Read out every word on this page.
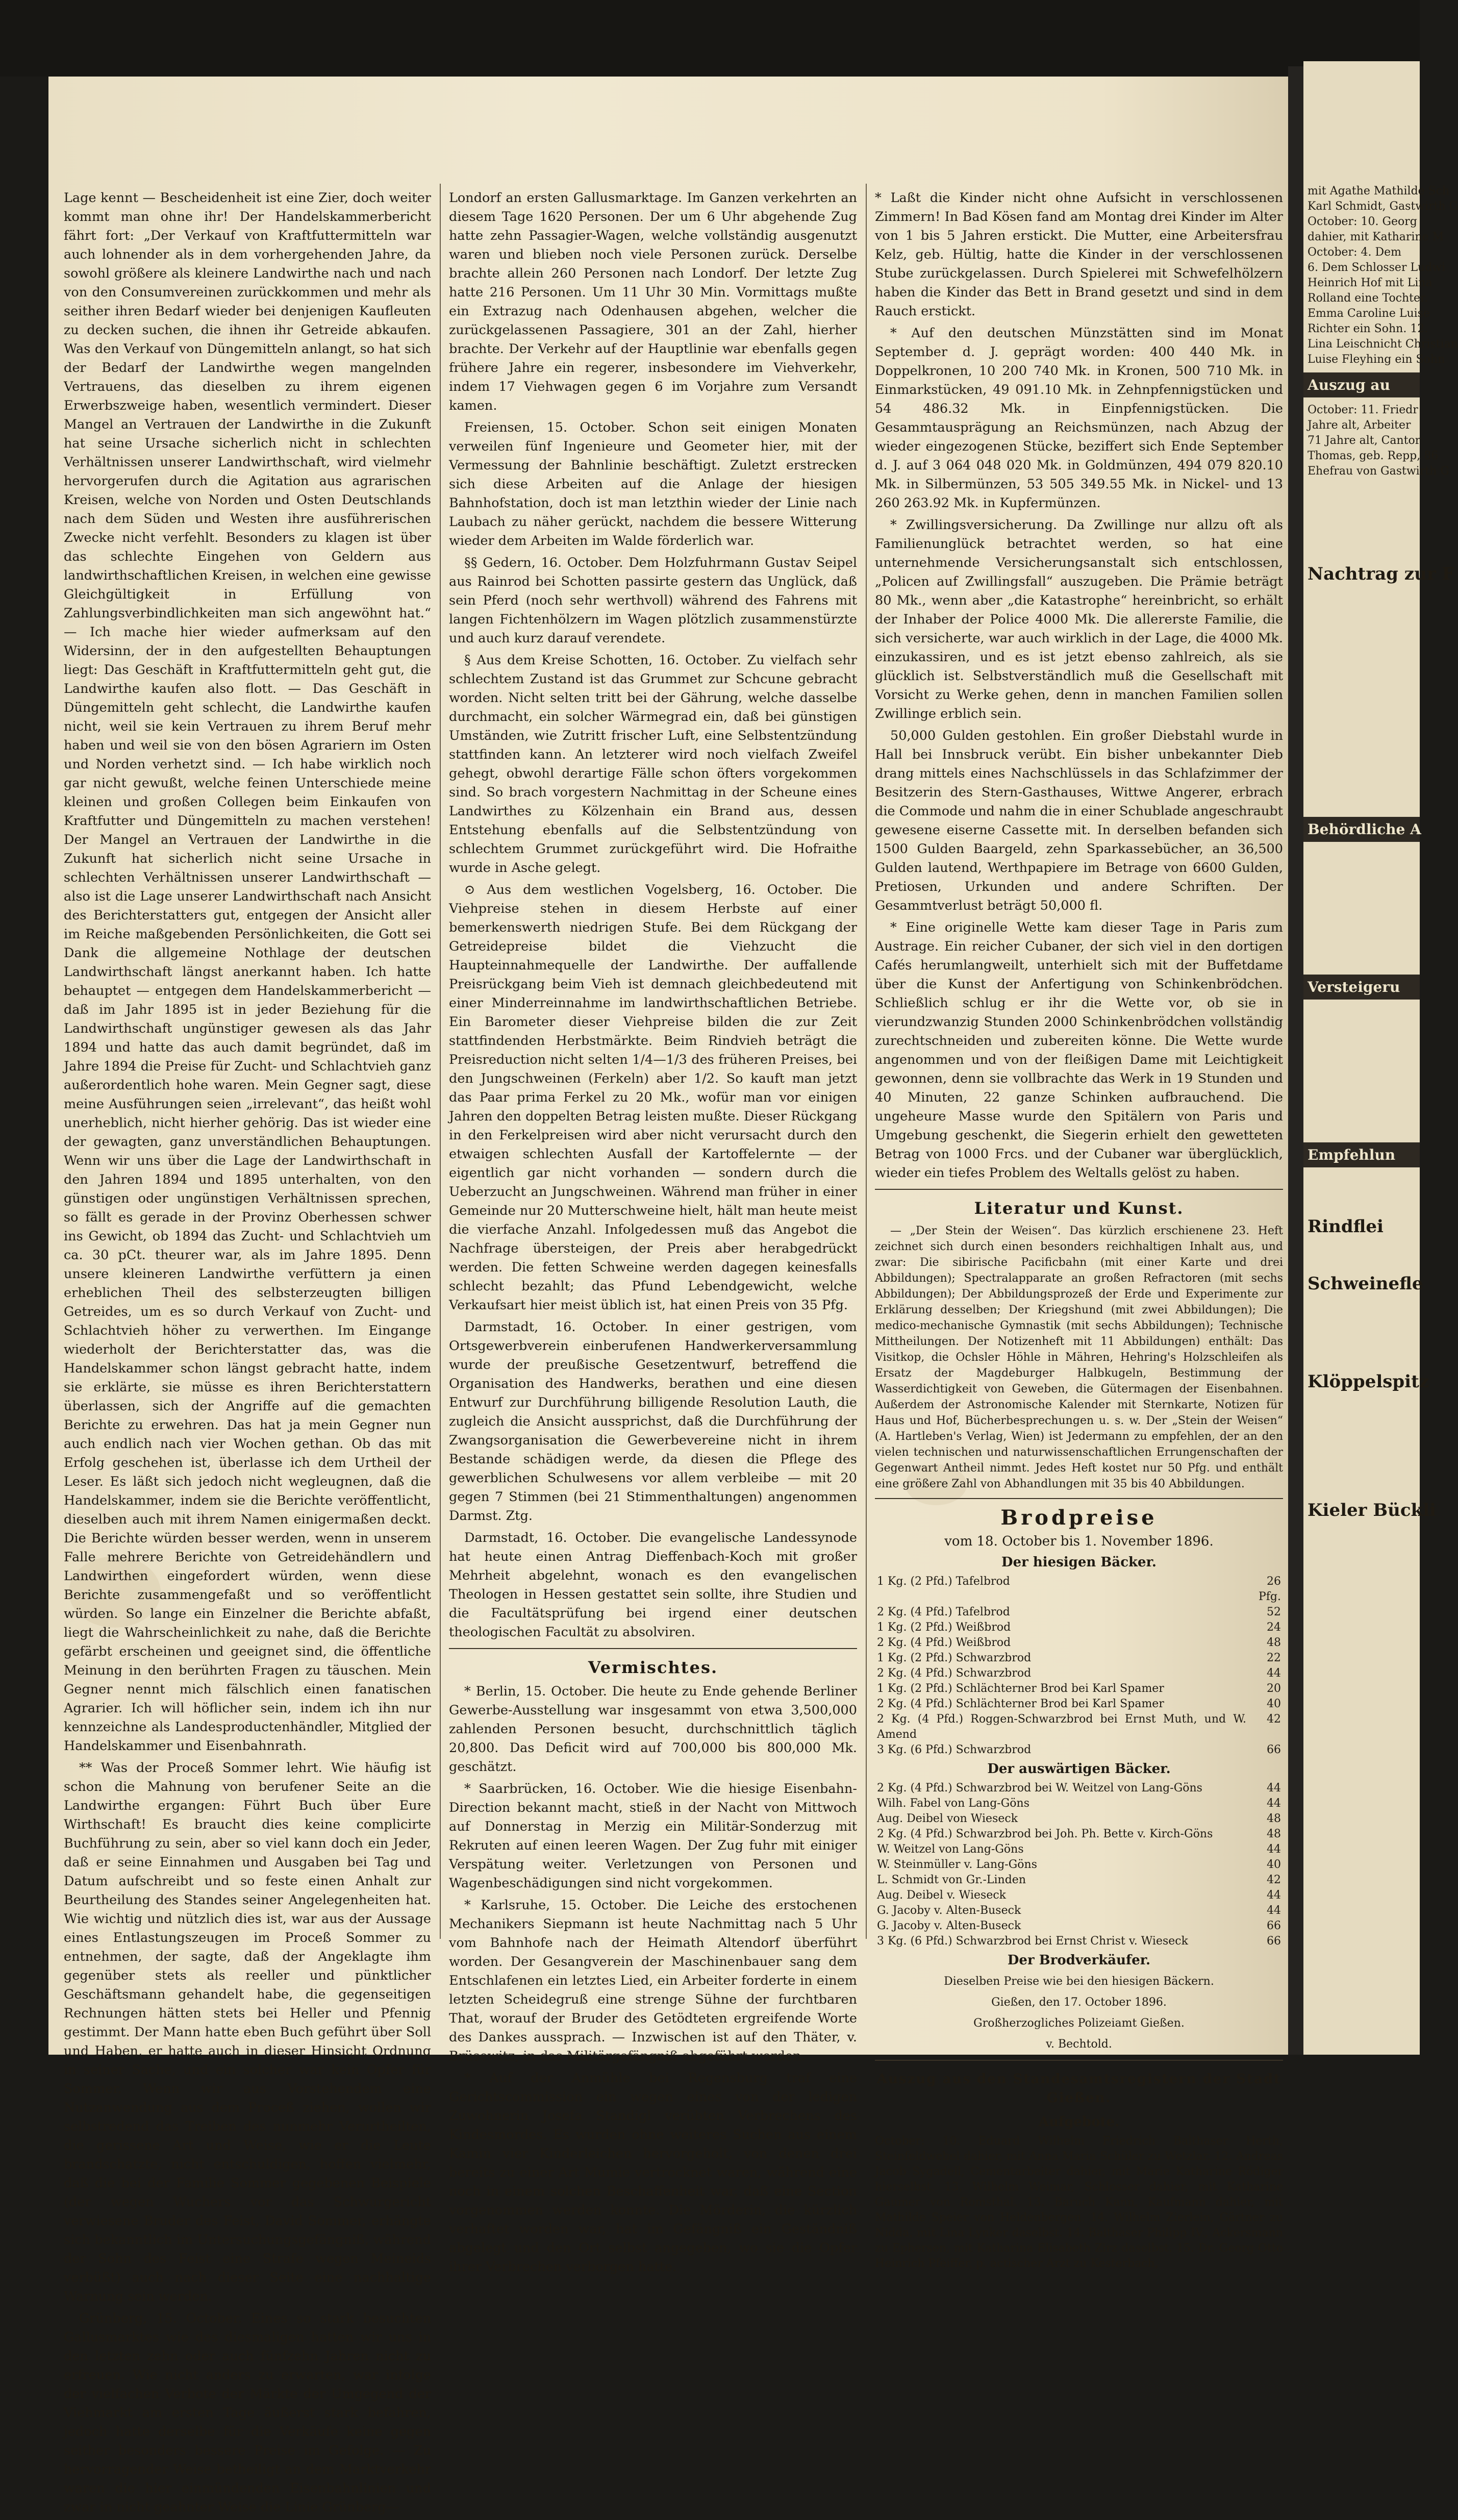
Lage kennt — Bescheidenheit ist eine Zier, doch weiter kommt man ohne ihr! Der Handelskammerbericht fährt fort: „Der Verkauf von Kraftfuttermitteln war auch lohnender als in dem vorhergehenden Jahre, da sowohl größere als kleinere Landwirthe nach und nach von den Consumvereinen zurückkommen und mehr als seither ihren Bedarf wieder bei denjenigen Kaufleuten zu decken suchen, die ihnen ihr Getreide abkaufen. Was den Verkauf von Düngemitteln anlangt, so hat sich der Bedarf der Landwirthe wegen mangelnden Vertrauens, das dieselben zu ihrem eigenen Erwerbszweige haben, wesentlich vermindert. Dieser Mangel an Vertrauen der Landwirthe in die Zukunft hat seine Ursache sicherlich nicht in schlechten Verhältnissen unserer Landwirthschaft, wird vielmehr hervorgerufen durch die Agitation aus agrarischen Kreisen, welche von Norden und Osten Deutschlands nach dem Süden und Westen ihre ausführerischen Zwecke nicht verfehlt. Besonders zu klagen ist über das schlechte Eingehen von Geldern aus landwirthschaftlichen Kreisen, in welchen eine gewisse Gleichgültigkeit in Erfüllung von Zahlungsverbindlichkeiten man sich angewöhnt hat.“ — Ich mache hier wieder aufmerksam auf den Widersinn, der in den aufgestellten Behauptungen liegt: Das Geschäft in Kraftfuttermitteln geht gut, die Landwirthe kaufen also flott. — Das Geschäft in Düngemitteln geht schlecht, die Landwirthe kaufen nicht, weil sie kein Vertrauen zu ihrem Beruf mehr haben und weil sie von den bösen Agrariern im Osten und Norden verhetzt sind. — Ich habe wirklich noch gar nicht gewußt, welche feinen Unterschiede meine kleinen und großen Collegen beim Einkaufen von Kraftfutter und Düngemitteln zu machen verstehen! Der Mangel an Vertrauen der Landwirthe in die Zukunft hat sicherlich nicht seine Ursache in schlechten Verhältnissen unserer Landwirthschaft — also ist die Lage unserer Landwirthschaft nach Ansicht des Berichterstatters gut, entgegen der Ansicht aller im Reiche maßgebenden Persönlichkeiten, die Gott sei Dank die allgemeine Nothlage der deutschen Landwirthschaft längst anerkannt haben. Ich hatte behauptet — entgegen dem Handelskammerbericht — daß im Jahr 1895 ist in jeder Beziehung für die Landwirthschaft ungünstiger gewesen als das Jahr 1894 und hatte das auch damit begründet, daß im Jahre 1894 die Preise für Zucht- und Schlachtvieh ganz außerordentlich hohe waren. Mein Gegner sagt, diese meine Ausführungen seien „irrelevant“, das heißt wohl unerheblich, nicht hierher gehörig. Das ist wieder eine der gewagten, ganz unverständlichen Behauptungen. Wenn wir uns über die Lage der Landwirthschaft in den Jahren 1894 und 1895 unterhalten, von den günstigen oder ungünstigen Verhältnissen sprechen, so fällt es gerade in der Provinz Oberhessen schwer ins Gewicht, ob 1894 das Zucht- und Schlachtvieh um ca. 30 pCt. theurer war, als im Jahre 1895. Denn unsere kleineren Landwirthe verfüttern ja einen erheblichen Theil des selbsterzeugten billigen Getreides, um es so durch Verkauf von Zucht- und Schlachtvieh höher zu verwerthen. Im Eingange wiederholt der Berichterstatter das, was die Handelskammer schon längst gebracht hatte, indem sie erklärte, sie müsse es ihren Berichterstattern überlassen, sich der Angriffe auf die gemachten Berichte zu erwehren. Das hat ja mein Gegner nun auch endlich nach vier Wochen gethan. Ob das mit Erfolg geschehen ist, überlasse ich dem Urtheil der Leser. Es läßt sich jedoch nicht wegleugnen, daß die Handelskammer, indem sie die Berichte veröffentlicht, dieselben auch mit ihrem Namen einigermaßen deckt. Die Berichte würden besser werden, wenn in unserem Falle mehrere Berichte von Getreidehändlern und Landwirthen eingefordert würden, wenn diese Berichte zusammengefaßt und so veröffentlicht würden. So lange ein Einzelner die Berichte abfaßt, liegt die Wahrscheinlichkeit zu nahe, daß die Berichte gefärbt erscheinen und geeignet sind, die öffentliche Meinung in den berührten Fragen zu täuschen. Mein Gegner nennt mich fälschlich einen fanatischen Agrarier. Ich will höflicher sein, indem ich ihn nur kennzeichne als Landesproductenhändler, Mitglied der Handelskammer und Eisenbahnrath.

** Was der Proceß Sommer lehrt. Wie häufig ist schon die Mahnung von berufener Seite an die Landwirthe ergangen: Führt Buch über Eure Wirthschaft! Es braucht dies keine complicirte Buchführung zu sein, aber so viel kann doch ein Jeder, daß er seine Einnahmen und Ausgaben bei Tag und Datum aufschreibt und so feste einen Anhalt zur Beurtheilung des Standes seiner Angelegenheiten hat. Wie wichtig und nützlich dies ist, war aus der Aussage eines Entlastungszeugen im Proceß Sommer zu entnehmen, der sagte, daß der Angeklagte ihm gegenüber stets als reeller und pünktlicher Geschäftsmann gehandelt habe, die gegenseitigen Rechnungen hätten stets bei Heller und Pfennig gestimmt. Der Mann hatte eben Buch geführt über Soll und Haben, er hatte auch in dieser Hinsicht Ordnung in seiner Sache, und ein solcher war kein Opfer für Sommer. Wenn wir aus Vorstehendem eine Nutzanwendung aus dem Proceß ziehen, wollen wir selbstredend das Treiben des nunmehr Verurtheilten, die gerissene Art und Weise, wie er die Leute brandschatzte, nicht entschuldigen, hoffen vielmehr, daß die bei der Familie Sommer gegebenen Beispiele (der wegen Wuchers vor das Schwurgericht verwiesene Bruder des Feist, David Sommer, erhängte sich bekanntlich im Untersuchungsgefängniß, während der Sohn des Feist eine Strafe wegen Meineids verbüßt) auch nach dieser Seite eine nachhaltige Warnung sein werden.

Grünberg, 15. October. Eines so stark besuchten Gallusmarktes wie des diesmaligen hatten wir uns in den letzten zehn oder auch fünfzehn Jahren nicht zu erfreuen. Wie nicht anders zu erwarten, war infolge der vielfachen Verbote der Märkte der Umgegend der Viehmarkt am ersten Tage äußerst stark befahren, jedoch hatte derselbe für die Verkäufe keine gegen seither besonders bessere Preise im Gefolge. — Zu hervorragender Weise betheiligt an dem Marktverkehr waren die hier einmündenden Eisenbahnlinien und zwar in nicht geahnter Weise die Linie Grünberg—

Londorf an ersten Gallusmarktage. Im Ganzen verkehrten an diesem Tage 1620 Personen. Der um 6 Uhr abgehende Zug hatte zehn Passagier-Wagen, welche vollständig ausgenutzt waren und blieben noch viele Personen zurück. Derselbe brachte allein 260 Personen nach Londorf. Der letzte Zug hatte 216 Personen. Um 11 Uhr 30 Min. Vormittags mußte ein Extrazug nach Odenhausen abgehen, welcher die zurückgelassenen Passagiere, 301 an der Zahl, hierher brachte. Der Verkehr auf der Hauptlinie war ebenfalls gegen frühere Jahre ein regerer, insbesondere im Viehverkehr, indem 17 Viehwagen gegen 6 im Vorjahre zum Versandt kamen.

Freiensen, 15. October. Schon seit einigen Monaten verweilen fünf Ingenieure und Geometer hier, mit der Vermessung der Bahnlinie beschäftigt. Zuletzt erstrecken sich diese Arbeiten auf die Anlage der hiesigen Bahnhofstation, doch ist man letzthin wieder der Linie nach Laubach zu näher gerückt, nachdem die bessere Witterung wieder dem Arbeiten im Walde förderlich war.

§§ Gedern, 16. October. Dem Holzfuhrmann Gustav Seipel aus Rainrod bei Schotten passirte gestern das Unglück, daß sein Pferd (noch sehr werthvoll) während des Fahrens mit langen Fichtenhölzern im Wagen plötzlich zusammenstürzte und auch kurz darauf verendete.

§ Aus dem Kreise Schotten, 16. October. Zu vielfach sehr schlechtem Zustand ist das Grummet zur Schcune gebracht worden. Nicht selten tritt bei der Gährung, welche dasselbe durchmacht, ein solcher Wärmegrad ein, daß bei günstigen Umständen, wie Zutritt frischer Luft, eine Selbstentzündung stattfinden kann. An letzterer wird noch vielfach Zweifel gehegt, obwohl derartige Fälle schon öfters vorgekommen sind. So brach vorgestern Nachmittag in der Scheune eines Landwirthes zu Kölzenhain ein Brand aus, dessen Entstehung ebenfalls auf die Selbstentzündung von schlechtem Grummet zurückgeführt wird. Die Hofraithe wurde in Asche gelegt.

⊙ Aus dem westlichen Vogelsberg, 16. October. Die Viehpreise stehen in diesem Herbste auf einer bemerkenswerth niedrigen Stufe. Bei dem Rückgang der Getreidepreise bildet die Viehzucht die Haupteinnahmequelle der Landwirthe. Der auffallende Preisrückgang beim Vieh ist demnach gleichbedeutend mit einer Minderreinnahme im landwirthschaftlichen Betriebe. Ein Barometer dieser Viehpreise bilden die zur Zeit stattfindenden Herbstmärkte. Beim Rindvieh beträgt die Preisreduction nicht selten 1/4—1/3 des früheren Preises, bei den Jungschweinen (Ferkeln) aber 1/2. So kauft man jetzt das Paar prima Ferkel zu 20 Mk., wofür man vor einigen Jahren den doppelten Betrag leisten mußte. Dieser Rückgang in den Ferkelpreisen wird aber nicht verursacht durch den etwaigen schlechten Ausfall der Kartoffelernte — der eigentlich gar nicht vorhanden — sondern durch die Ueberzucht an Jungschweinen. Während man früher in einer Gemeinde nur 20 Mutterschweine hielt, hält man heute meist die vierfache Anzahl. Infolgedessen muß das Angebot die Nachfrage übersteigen, der Preis aber herabgedrückt werden. Die fetten Schweine werden dagegen keinesfalls schlecht bezahlt; das Pfund Lebendgewicht, welche Verkaufsart hier meist üblich ist, hat einen Preis von 35 Pfg.

Darmstadt, 16. October. In einer gestrigen, vom Ortsgewerbverein einberufenen Handwerkerversammlung wurde der preußische Gesetzentwurf, betreffend die Organisation des Handwerks, berathen und eine diesen Entwurf zur Durchführung billigende Resolution Lauth, die zugleich die Ansicht aussprichst, daß die Durchführung der Zwangsorganisation die Gewerbevereine nicht in ihrem Bestande schädigen werde, da diesen die Pflege des gewerblichen Schulwesens vor allem verbleibe — mit 20 gegen 7 Stimmen (bei 21 Stimmenthaltungen) angenommen Darmst. Ztg.

Darmstadt, 16. October. Die evangelische Landessynode hat heute einen Antrag Dieffenbach-Koch mit großer Mehrheit abgelehnt, wonach es den evangelischen Theologen in Hessen gestattet sein sollte, ihre Studien und die Facultätsprüfung bei irgend einer deutschen theologischen Facultät zu absolviren.

Vermischtes.

* Berlin, 15. October. Die heute zu Ende gehende Berliner Gewerbe-Ausstellung war insgesammt von etwa 3,500,000 zahlenden Personen besucht, durchschnittlich täglich 20,800. Das Deficit wird auf 700,000 bis 800,000 Mk. geschätzt.

* Saarbrücken, 16. October. Wie die hiesige Eisenbahn-Direction bekannt macht, stieß in der Nacht von Mittwoch auf Donnerstag in Merzig ein Militär-Sonderzug mit Rekruten auf einen leeren Wagen. Der Zug fuhr mit einiger Verspätung weiter. Verletzungen von Personen und Wagenbeschädigungen sind nicht vorgekommen.

* Karlsruhe, 15. October. Die Leiche des erstochenen Mechanikers Siepmann ist heute Nachmittag nach 5 Uhr vom Bahnhofe nach der Heimath Altendorf überführt worden. Der Gesangverein der Maschinenbauer sang dem Entschlafenen ein letztes Lied, ein Arbeiter forderte in einem letzten Scheidegruß eine strenge Sühne der furchtbaren That, worauf der Bruder des Getödteten ergreifende Worte des Dankes aussprach. — Inzwischen ist auf den Thäter, v. Brüsewitz, in das Militärgefängniß abgeführt worden.

* Auf der Anmühle bei Regensburg traf eine Gerichtscommission ein wegen eines von der ledigen Zuwohnerin Josefa Standigl verübten Verbrechens des Kindesmordes. Es wurden ohne weiteres Suchen aus einem Kamin vier Kinderleichen hervorgeholt, von denen drei bereits zu einer Art Mumie vertrocknet waren, während eine noch in einem solchen Beschaffenheit war, daß eine Section vorgenommen werden konnte. Die Mörderin, die kürzlich verhaftet worden war, hat im Gefängniß ein Geständniß abgelegt und den Ort selbst angegeben, wo sie die Opfer ihrer Verbrechen verborgen hatte.

* Laßt die Kinder nicht ohne Aufsicht in verschlossenen Zimmern! In Bad Kösen fand am Montag drei Kinder im Alter von 1 bis 5 Jahren erstickt. Die Mutter, eine Arbeitersfrau Kelz, geb. Hültig, hatte die Kinder in der verschlossenen Stube zurückgelassen. Durch Spielerei mit Schwefelhölzern haben die Kinder das Bett in Brand gesetzt und sind in dem Rauch erstickt.

* Auf den deutschen Münzstätten sind im Monat September d. J. geprägt worden: 400 440 Mk. in Doppelkronen, 10 200 740 Mk. in Kronen, 500 710 Mk. in Einmarkstücken, 49 091.10 Mk. in Zehnpfennigstücken und 54 486.32 Mk. in Einpfennigstücken. Die Gesammtausprägung an Reichsmünzen, nach Abzug der wieder eingezogenen Stücke, beziffert sich Ende September d. J. auf 3 064 048 020 Mk. in Goldmünzen, 494 079 820.10 Mk. in Silbermünzen, 53 505 349.55 Mk. in Nickel- und 13 260 263.92 Mk. in Kupfermünzen.

* Zwillingsversicherung. Da Zwillinge nur allzu oft als Familienunglück betrachtet werden, so hat eine unternehmende Versicherungsanstalt sich entschlossen, „Policen auf Zwillingsfall“ auszugeben. Die Prämie beträgt 80 Mk., wenn aber „die Katastrophe“ hereinbricht, so erhält der Inhaber der Police 4000 Mk. Die allererste Familie, die sich versicherte, war auch wirklich in der Lage, die 4000 Mk. einzukassiren, und es ist jetzt ebenso zahlreich, als sie glücklich ist. Selbstverständlich muß die Gesellschaft mit Vorsicht zu Werke gehen, denn in manchen Familien sollen Zwillinge erblich sein.

50,000 Gulden gestohlen. Ein großer Diebstahl wurde in Hall bei Innsbruck verübt. Ein bisher unbekannter Dieb drang mittels eines Nachschlüssels in das Schlafzimmer der Besitzerin des Stern-Gasthauses, Wittwe Angerer, erbrach die Commode und nahm die in einer Schublade angeschraubt gewesene eiserne Cassette mit. In derselben befanden sich 1500 Gulden Baargeld, zehn Sparkassebücher, an 36,500 Gulden lautend, Werthpapiere im Betrage von 6600 Gulden, Pretiosen, Urkunden und andere Schriften. Der Gesammtverlust beträgt 50,000 fl.

* Eine originelle Wette kam dieser Tage in Paris zum Austrage. Ein reicher Cubaner, der sich viel in den dortigen Cafés herumlangweilt, unterhielt sich mit der Buffetdame über die Kunst der Anfertigung von Schinkenbrödchen. Schließlich schlug er ihr die Wette vor, ob sie in vierundzwanzig Stunden 2000 Schinkenbrödchen vollständig zurechtschneiden und zubereiten könne. Die Wette wurde angenommen und von der fleißigen Dame mit Leichtigkeit gewonnen, denn sie vollbrachte das Werk in 19 Stunden und 40 Minuten, 22 ganze Schinken aufbrauchend. Die ungeheure Masse wurde den Spitälern von Paris und Umgebung geschenkt, die Siegerin erhielt den gewetteten Betrag von 1000 Frcs. und der Cubaner war überglücklich, wieder ein tiefes Problem des Weltalls gelöst zu haben.

Literatur und Kunst.

— „Der Stein der Weisen“. Das kürzlich erschienene 23. Heft zeichnet sich durch einen besonders reichhaltigen Inhalt aus, und zwar: Die sibirische Pacificbahn (mit einer Karte und drei Abbildungen); Spectralapparate an großen Refractoren (mit sechs Abbildungen); Der Abbildungsprozeß der Erde und Experimente zur Erklärung desselben; Der Kriegshund (mit zwei Abbildungen); Die medico-mechanische Gymnastik (mit sechs Abbildungen); Technische Mittheilungen. Der Notizenheft mit 11 Abbildungen) enthält: Das Visitkop, die Ochsler Höhle in Mähren, Hehring's Holzschleifen als Ersatz der Magdeburger Halbkugeln, Bestimmung der Wasserdichtigkeit von Geweben, die Gütermagen der Eisenbahnen. Außerdem der Astronomische Kalender mit Sternkarte, Notizen für Haus und Hof, Bücherbesprechungen u. s. w. Der „Stein der Weisen“ (A. Hartleben's Verlag, Wien) ist Jedermann zu empfehlen, der an den vielen technischen und naturwissenschaftlichen Errungenschaften der Gegenwart Antheil nimmt. Jedes Heft kostet nur 50 Pfg. und enthält eine größere Zahl von Abhandlungen mit 35 bis 40 Abbildungen.

Brodpreise
vom 18. October bis 1. November 1896.
Der hiesigen Bäcker.
1 Kg. (2 Pfd.) Tafelbrod	26 Pfg.
2 Kg. (4 Pfd.) Tafelbrod	52
1 Kg. (2 Pfd.) Weißbrod	24
2 Kg. (4 Pfd.) Weißbrod	48
1 Kg. (2 Pfd.) Schwarzbrod	22
2 Kg. (4 Pfd.) Schwarzbrod	44
1 Kg. (2 Pfd.) Schlächterner Brod bei Karl Spamer	20
2 Kg. (4 Pfd.) Schlächterner Brod bei Karl Spamer	40
2 Kg. (4 Pfd.) Roggen-Schwarzbrod bei Ernst Muth, und W. Amend	42
3 Kg. (6 Pfd.) Schwarzbrod	66
Der auswärtigen Bäcker.
2 Kg. (4 Pfd.) Schwarzbrod bei W. Weitzel von Lang-Göns	44
Wilh. Fabel von Lang-Göns	44
Aug. Deibel von Wieseck	48
2 Kg. (4 Pfd.) Schwarzbrod bei Joh. Ph. Bette v. Kirch-Göns	48
W. Weitzel von Lang-Göns	44
W. Steinmüller v. Lang-Göns	40
L. Schmidt von Gr.-Linden	42
Aug. Deibel v. Wieseck	44
G. Jacoby v. Alten-Buseck	44
G. Jacoby v. Alten-Buseck	66
3 Kg. (6 Pfd.) Schwarzbrod bei Ernst Christ v. Wieseck	66
Der Brodverkäufer.
Dieselben Preise wie bei den hiesigen Bäckern.
Gießen, den 17. October 1896.
Großherzogliches Polizeiamt Gießen.
v. Bechtold.
Auszug aus den Standesamtsregistern der Stadt Gießen.
Aufgebote.

October: 10. Eduard Wilhelm Friedrich Balthaser Herth, Steinfeldwebel dahier, mit Anna Maria Schüler zu Wetzlar. 12. Andreas Jacob Sygadell, Cementarbeiter dahier, mit Marie Katharine Rödiger hierselbst. 13. Wilhelm Weimar, Schlosser dahier, mit Katharine Gaumer von Romsthal. 13. Baruch Kann, Kaufmann dahier, mit Mathilde Speier von Heldenbergen. 14. Wilhelm Zierlein, Gärtner zu Nidda, mit Lina Lynker daselbst. 14. Balthaser Philipp IV., Ackersmann zu Ephersen, mit Katharina Elisabeth Zirz daselbst. 15. Dr. Georg Otto Heinrich Pfeiffer, p. actischer Arzt zu Kesterbach,

mit Agathe Mathilde Sch
Karl Schmidt, Gastwirth G
October: 10. Georg
dahier, mit Katharine M
October: 4. Dem
6. Dem Schlosser Ludwi
Heinrich Hof mit Lina
Rolland eine Tochter.
Emma Caroline Luise
Richter ein Sohn. 12.
Lina Leischnicht Christian
Luise Fleyhing ein Sohn
Auszug au
October: 11. Friedr
Jahre alt, Arbeiter
71 Jahre alt, Cantor
Thomas, geb. Repp, 86
Ehefrau von Gastwirth G
Nachtrag zur F
Behördliche A
Versteigeru
Empfehlun
Rindflei
Schweinefle
Klöppelspitz
Kieler Bückli
